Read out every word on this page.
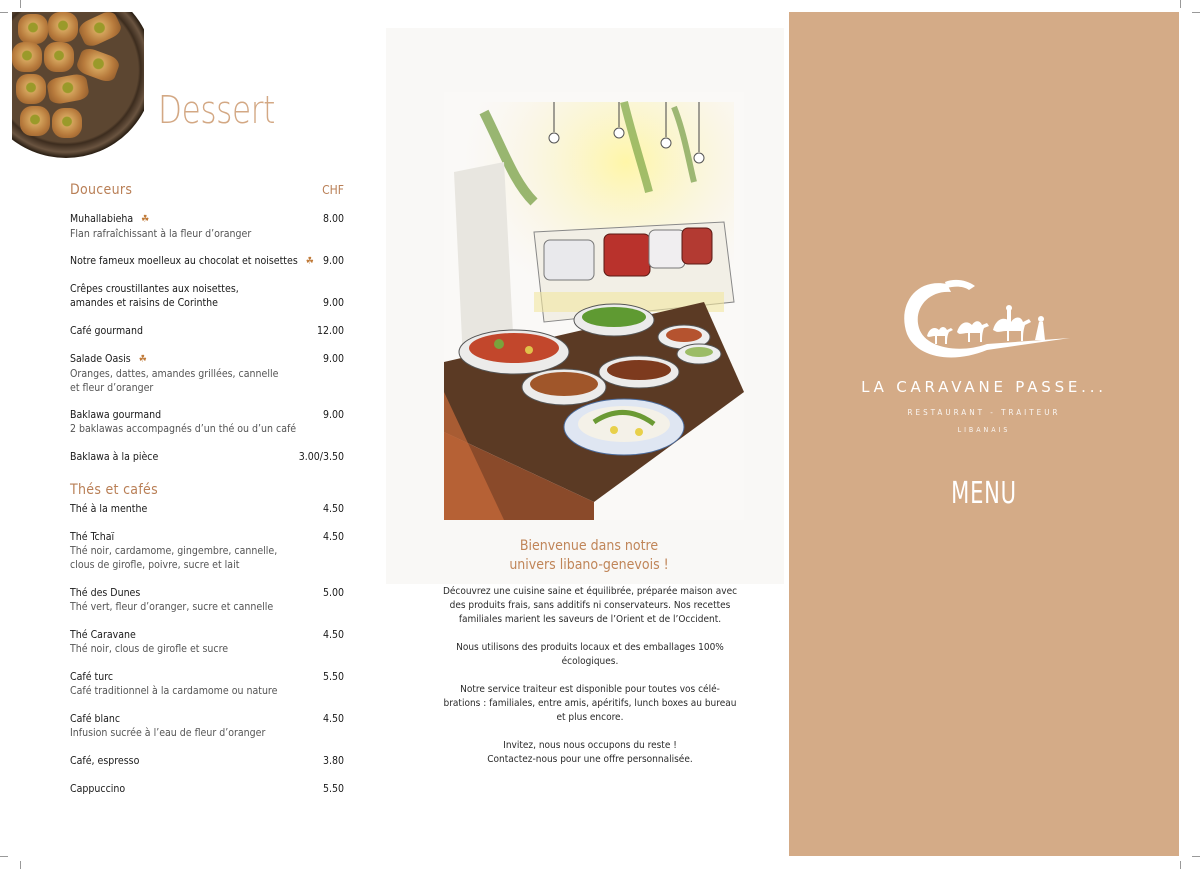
Dessert
Douceurs	CHF
Muhallabieha ☘	8.00
Flan rafraîchissant à la fleur d’oranger
Notre fameux moelleux au chocolat et noisettes ☘ 9.00
Crêpes croustillantes aux noisettes,
amandes et raisins de Corinthe	9.00
Café gourmand	12.00
Salade Oasis ☘	9.00
Oranges, dattes, amandes grillées, cannelle
et fleur d’oranger
Baklawa gourmand	9.00
2 baklawas accompagnés d’un thé ou d’un café
Baklawa à la pièce	3.00/3.50
Thés et cafés
Thé à la menthe	4.50
Thé Tchaï	4.50
Thé noir, cardamome, gingembre, cannelle,
clous de girofle, poivre, sucre et lait
Thé des Dunes	5.00
Thé vert, fleur d’oranger, sucre et cannelle
Thé Caravane	4.50
Thé noir, clous de girofle et sucre
Café turc	5.50
Café traditionnel à la cardamome ou nature
Café blanc	4.50
Infusion sucrée à l’eau de fleur d’oranger
Café, espresso	3.80
Cappuccino	5.50
Bienvenue dans notre
univers libano-genevois !

Découvrez une cuisine saine et équilibrée, préparée maison avec des produits frais, sans additifs ni conservateurs. Nos recettes familiales marient les saveurs de l’Orient et de l’Occident.

Nous utilisons des produits locaux et des emballages 100% écologiques.

Notre service traiteur est disponible pour toutes vos célé-brations : familiales, entre amis, apéritifs, lunch boxes au bureau et plus encore.

Invitez, nous nous occupons du reste !
Contactez-nous pour une offre personnalisée.

LA CARAVANE PASSE...
RESTAURANT - TRAITEUR
LIBANAIS
MENU
